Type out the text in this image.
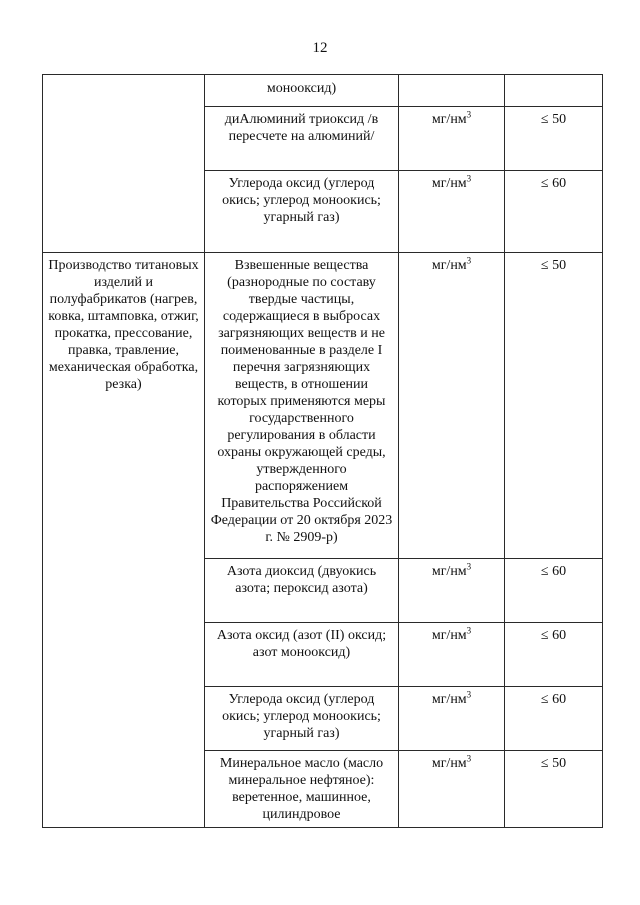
12
	монооксид)		
	диАлюминий триоксид /в пересчете на алюминий/	$мг/нм^3$	≤ 50
	Углерода оксид (углерод окись; углерод моноокись; угарный газ)	$мг/нм^3$	≤ 60
Производство титановых изделий и полуфабрикатов (нагрев, ковка, штамповка, отжиг, прокатка, прессование, правка, травление, механическая обработка, резка)	Взвешенные вещества (разнородные по составу твердые частицы, содержащиеся в выбросах загрязняющих веществ и не поименованные в разделе I перечня загрязняющих веществ, в отношении которых применяются меры государственного регулирования в области охраны окружающей среды, утвержденного распоряжением Правительства Российской Федерации от 20 октября 2023 г. № 2909-р)	$мг/нм^3$	≤ 50
	Азота диоксид (двуокись азота; пероксид азота)	$мг/нм^3$	≤ 60
	Азота оксид (азот (II) оксид; азот монооксид)	$мг/нм^3$	≤ 60
	Углерода оксид (углерод окись; углерод моноокись; угарный газ)	$мг/нм^3$	≤ 60
	Минеральное масло (масло минеральное нефтяное): веретенное, машинное, цилиндровое	$мг/нм^3$	≤ 50
